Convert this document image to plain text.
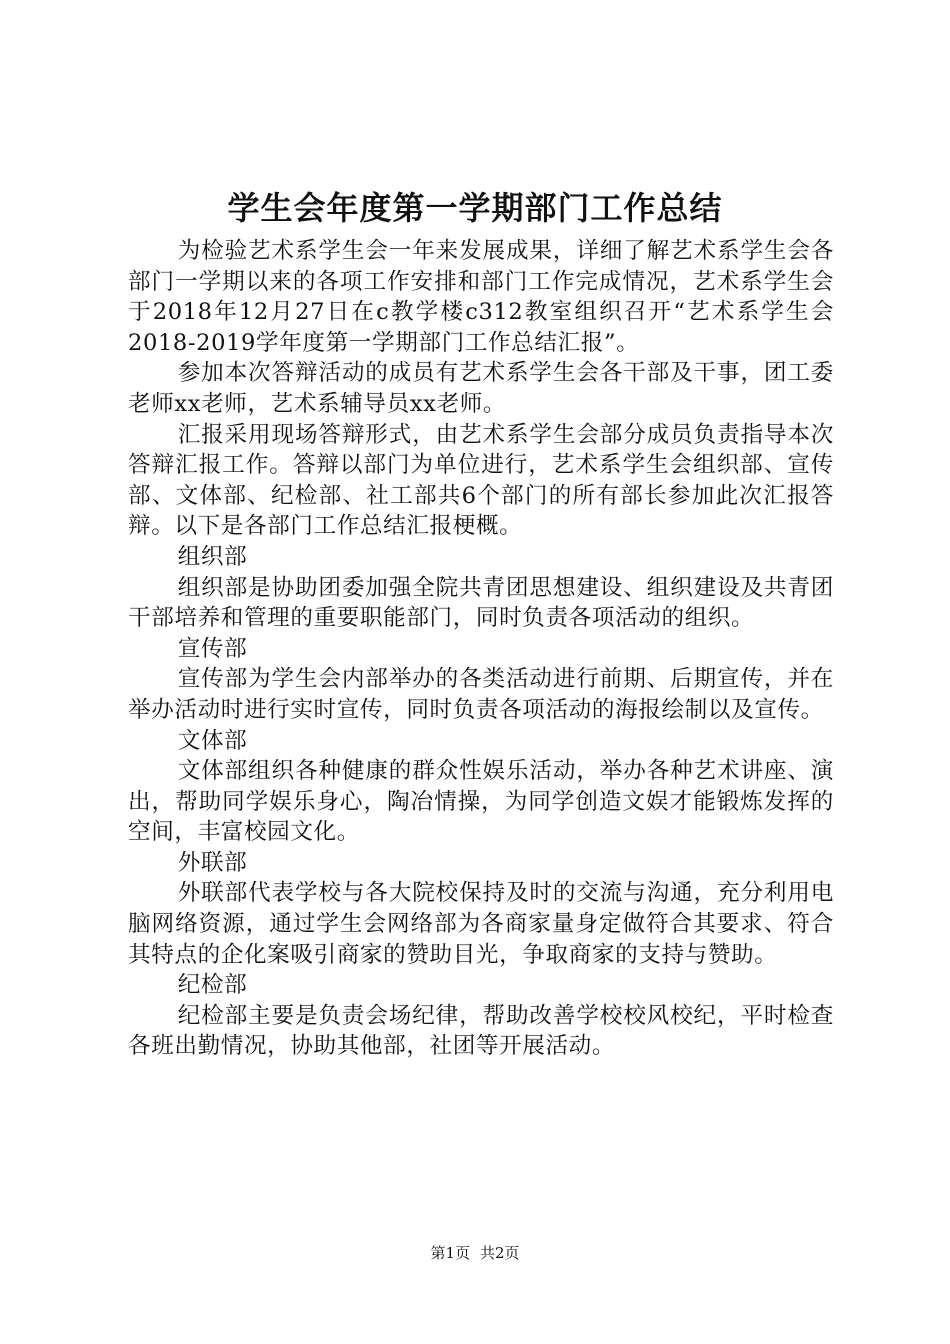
学生会年度第一学期部门工作总结

为检验艺术系学生会一年来发展成果，详细了解艺术系学生会各部门一学期以来的各项工作安排和部门工作完成情况，艺术系学生会于2018年12月27日在c教学楼c312教室组织召开“艺术系学生会2018-2019学年度第一学期部门工作总结汇报”。

参加本次答辩活动的成员有艺术系学生会各干部及干事，团工委老师xx老师，艺术系辅导员xx老师。

汇报采用现场答辩形式，由艺术系学生会部分成员负责指导本次答辩汇报工作。答辩以部门为单位进行，艺术系学生会组织部、宣传部、文体部、纪检部、社工部共6个部门的所有部长参加此次汇报答辩。以下是各部门工作总结汇报梗概。

组织部

组织部是协助团委加强全院共青团思想建设、组织建设及共青团干部培养和管理的重要职能部门，同时负责各项活动的组织。

宣传部

宣传部为学生会内部举办的各类活动进行前期、后期宣传，并在举办活动时进行实时宣传，同时负责各项活动的海报绘制以及宣传。

文体部

文体部组织各种健康的群众性娱乐活动，举办各种艺术讲座、演出，帮助同学娱乐身心，陶冶情操，为同学创造文娱才能锻炼发挥的空间，丰富校园文化。

外联部

外联部代表学校与各大院校保持及时的交流与沟通，充分利用电脑网络资源，通过学生会网络部为各商家量身定做符合其要求、符合其特点的企化案吸引商家的赞助目光，争取商家的支持与赞助。

纪检部

纪检部主要是负责会场纪律，帮助改善学校校风校纪，平时检查各班出勤情况，协助其他部，社团等开展活动。

第1页 共2页
